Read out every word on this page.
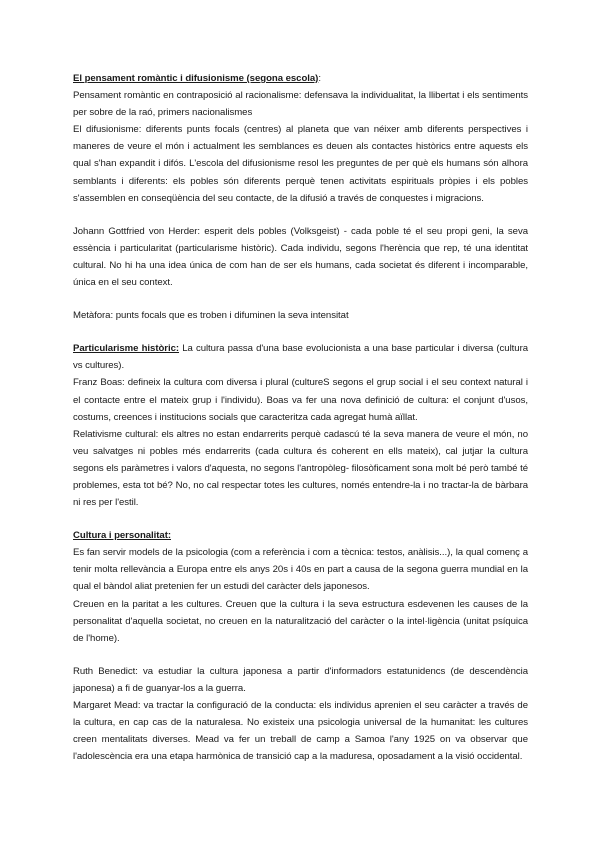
El pensament romàntic i difusionisme (segona escola):

Pensament romàntic en contraposició al racionalisme: defensava la individualitat, la llibertat i els sentiments per sobre de la raó, primers nacionalismes

El difusionisme: diferents punts focals (centres) al planeta que van néixer amb diferents perspectives i maneres de veure el món i actualment les semblances es deuen als contactes històrics entre aquests els qual s'han expandit i difós. L'escola del difusionisme resol les preguntes de per què els humans són alhora semblants i diferents: els pobles són diferents perquè tenen activitats espirituals pròpies i els pobles s'assemblen en conseqüència del seu contacte, de la difusió a través de conquestes i migracions.

Johann Gottfried von Herder: esperit dels pobles (Volksgeist) - cada poble té el seu propi geni, la seva essència i particularitat (particularisme històric). Cada individu, segons l'herència que rep, té una identitat cultural. No hi ha una idea única de com han de ser els humans, cada societat és diferent i incomparable, única en el seu context.

Metàfora: punts focals que es troben i difuminen la seva intensitat

Particularisme històric: La cultura passa d'una base evolucionista a una base particular i diversa (cultura vs cultures).

Franz Boas: defineix la cultura com diversa i plural (cultureS segons el grup social i el seu context natural i el contacte entre el mateix grup i l'individu). Boas va fer una nova definició de cultura: el conjunt d'usos, costums, creences i institucions socials que caracteritza cada agregat humà aïllat.

Relativisme cultural: els altres no estan endarrerits perquè cadascú té la seva manera de veure el món, no veu salvatges ni pobles més endarrerits (cada cultura és coherent en ells mateix), cal jutjar la cultura segons els paràmetres i valors d'aquesta, no segons l'antropòleg- filosòficament sona molt bé però també té problemes, esta tot bé? No, no cal respectar totes les cultures, només entendre-la i no tractar-la de bàrbara ni res per l'estil.

Cultura i personalitat:

Es fan servir models de la psicologia (com a referència i com a tècnica: testos, anàlisis...), la qual començ a tenir molta rellevància a Europa entre els anys 20s i 40s en part a causa de la segona guerra mundial en la qual el bàndol aliat pretenien fer un estudi del caràcter dels japonesos.

Creuen en la paritat a les cultures. Creuen que la cultura i la seva estructura esdevenen les causes de la personalitat d'aquella societat, no creuen en la naturalització del caràcter o la intel·ligència (unitat psíquica de l'home).

Ruth Benedict: va estudiar la cultura japonesa a partir d'informadors estatunidencs (de descendència japonesa) a fi de guanyar-los a la guerra.

Margaret Mead: va tractar la configuració de la conducta: els individus aprenien el seu caràcter a través de la cultura, en cap cas de la naturalesa. No existeix una psicologia universal de la humanitat: les cultures creen mentalitats diverses. Mead va fer un treball de camp a Samoa l'any 1925 on va observar que l'adolescència era una etapa harmònica de transició cap a la maduresa, oposadament a la visió occidental.
